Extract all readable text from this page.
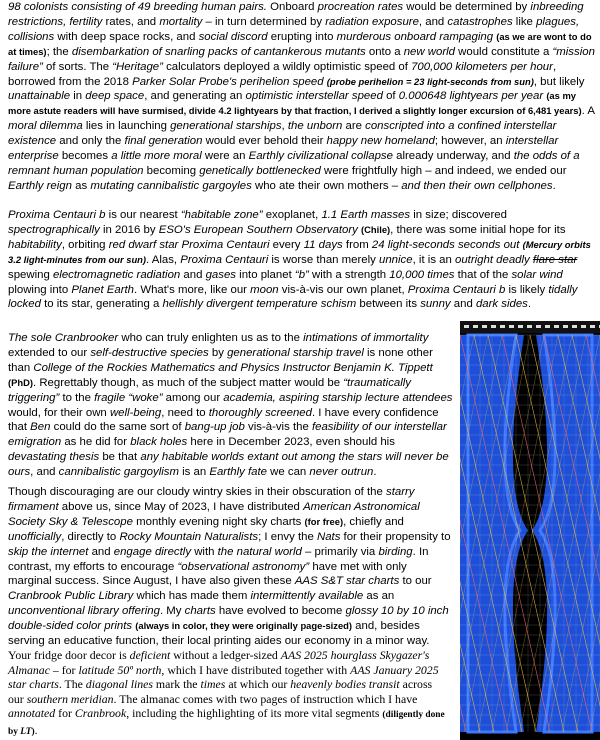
98 colonists consisting of 49 breeding human pairs. Onboard procreation rates would be determined by inbreeding restrictions, fertility rates, and mortality – in turn determined by radiation exposure, and catastrophes like plagues, collisions with deep space rocks, and social discord erupting into murderous onboard rampaging (as we are wont to do at times); the disembarkation of snarling packs of cantankerous mutants onto a new world would constitute a “mission failure” of sorts. The “Heritage” calculators deployed a wildly optimistic speed of 700,000 kilometers per hour, borrowed from the 2018 Parker Solar Probe's perihelion speed (probe perihelion = 23 light-seconds from sun), but likely unattainable in deep space, and generating an optimistic interstellar speed of 0.000648 lightyears per year (as my more astute readers will have surmised, divide 4.2 lightyears by that fraction, I derived a slightly longer excursion of 6,481 years). A moral dilemma lies in launching generational starships, the unborn are conscripted into a confined interstellar existence and only the final generation would ever behold their happy new homeland; however, an interstellar enterprise becomes a little more moral were an Earthly civilizational collapse already underway, and the odds of a remnant human population becoming genetically bottlenecked were frightfully high – and indeed, we ended our Earthly reign as mutating cannibalistic gargoyles who ate their own mothers – and then their own cellphones.

Proxima Centauri b is our nearest “habitable zone” exoplanet, 1.1 Earth masses in size; discovered spectrographically in 2016 by ESO's European Southern Observatory (Chile), there was some initial hope for its habitability, orbiting red dwarf star Proxima Centauri every 11 days from 24 light-seconds seconds out (Mercury orbits 3.2 light-minutes from our sun). Alas, Proxima Centauri is worse than merely unnice, it is an outright deadly flare star spewing electromagnetic radiation and gases into planet “b” with a strength 10,000 times that of the solar wind plowing into Planet Earth. What's more, like our moon vis-à-vis our own planet, Proxima Centauri b is likely tidally locked to its star, generating a hellishly divergent temperature schism between its sunny and dark sides.

The sole Cranbrooker who can truly enlighten us as to the intimations of immortality extended to our self-destructive species by generational starship travel is none other than College of the Rockies Mathematics and Physics Instructor Benjamin K. Tippett (PhD). Regrettably though, as much of the subject matter would be “traumatically triggering” to the fragile “woke” among our academia, aspiring starship lecture attendees would, for their own well-being, need to thoroughly screened. I have every confidence that Ben could do the same sort of bang-up job vis-à-vis the feasibility of our interstellar emigration as he did for black holes here in December 2023, even should his devastating thesis be that any habitable worlds extant out among the stars will never be ours, and cannibalistic gargoylism is an Earthly fate we can never outrun.

Though discouraging are our cloudy wintry skies in their obscuration of the starry firmament above us, since May of 2023, I have distributed American Astronomical Society Sky & Telescope monthly evening night sky charts (for free), chiefly and unofficially, directly to Rocky Mountain Naturalists; I envy the Nats for their propensity to skip the internet and engage directly with the natural world – primarily via birding. In contrast, my efforts to encourage “observational astronomy” have met with only marginal success. Since August, I have also given these AAS S&T star charts to our Cranbrook Public Library which has made them intermittently available as an unconventional library offering. My charts have evolved to become glossy 10 by 10 inch double-sided color prints (always in color, they were originally page-sized) and, besides serving an educative function, their local printing aides our economy in a minor way.

Your fridge door decor is deficient without a ledger-sized AAS 2025 hourglass Skygazer's Almanac – for latitude 50º north, which I have distributed together with AAS January 2025 star charts. The diagonal lines mark the times at which our heavenly bodies transit across our southern meridian. The almanac comes with two pages of instruction which I have annotated for Cranbrook, including the highlighting of its more vital segments (diligently done by LT).
